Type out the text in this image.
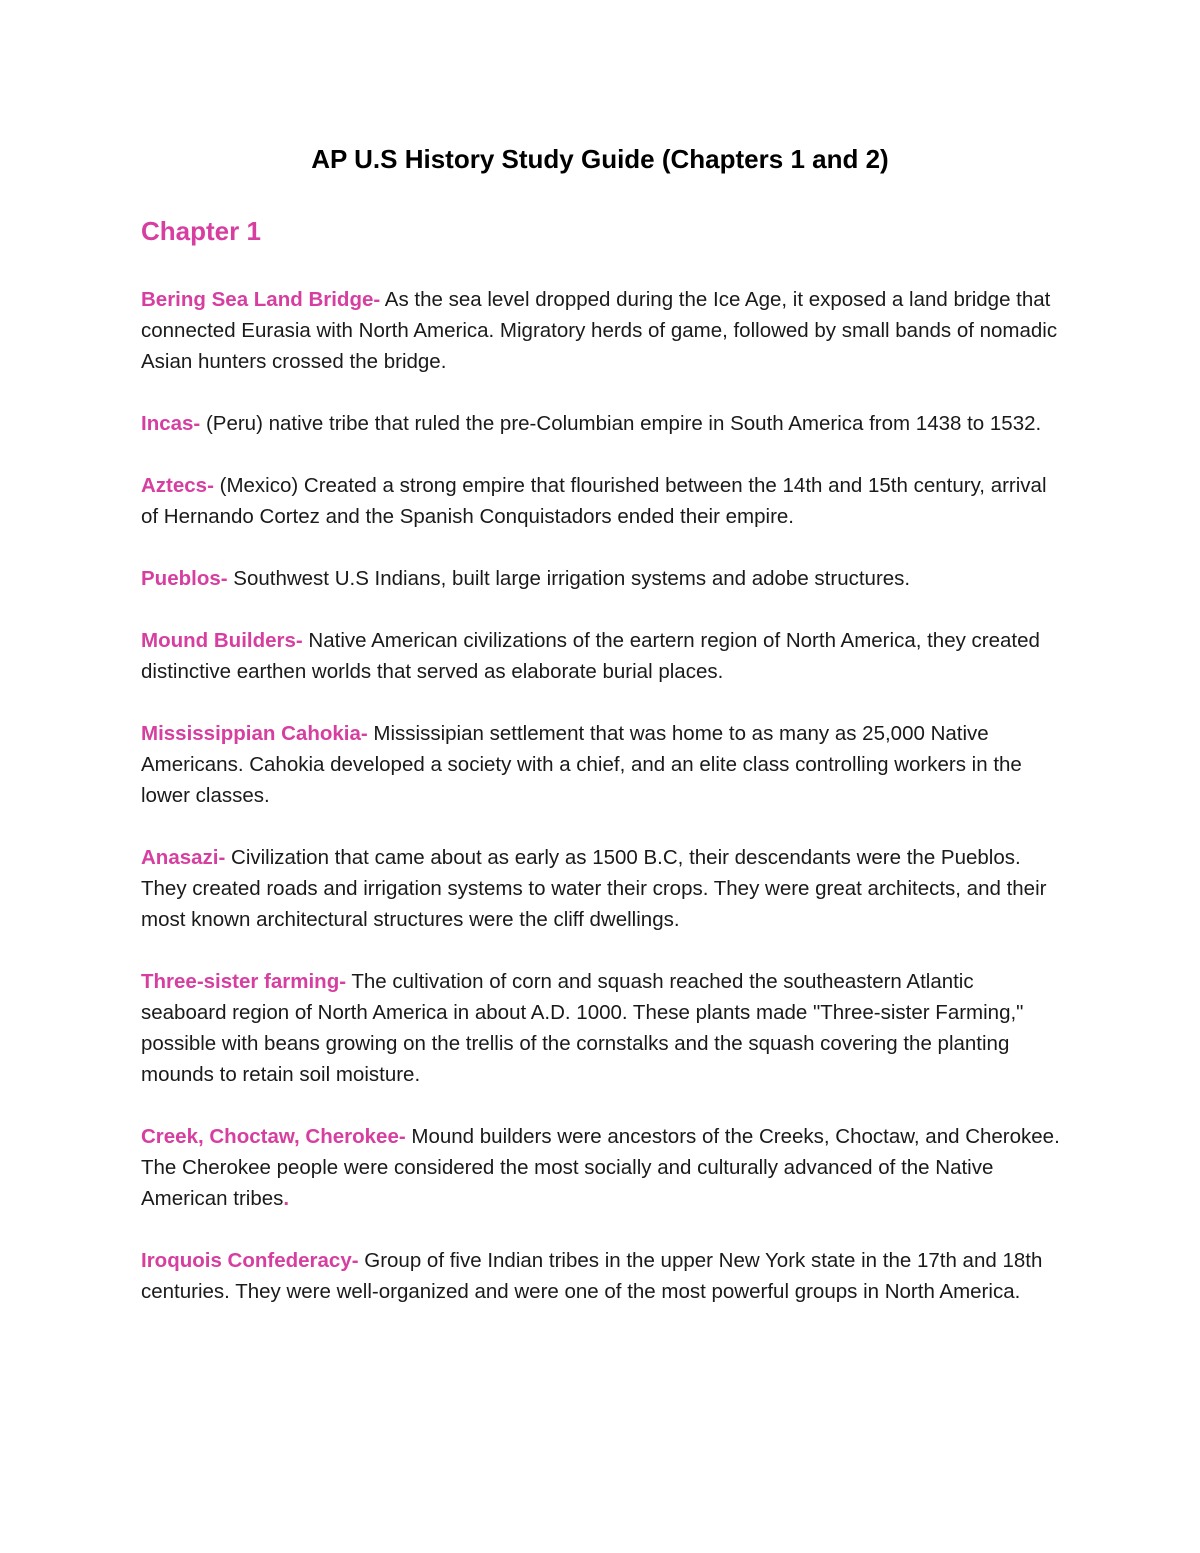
AP U.S History Study Guide (Chapters 1 and 2)
Chapter 1

Bering Sea Land Bridge- As the sea level dropped during the Ice Age, it exposed a land bridge that connected Eurasia with North America. Migratory herds of game, followed by small bands of nomadic Asian hunters crossed the bridge.

Incas- (Peru) native tribe that ruled the pre-Columbian empire in South America from 1438 to 1532.

Aztecs- (Mexico) Created a strong empire that flourished between the 14th and 15th century, arrival of Hernando Cortez and the Spanish Conquistadors ended their empire.

Pueblos- Southwest U.S Indians, built large irrigation systems and adobe structures.

Mound Builders- Native American civilizations of the eartern region of North America, they created distinctive earthen worlds that served as elaborate burial places.

Mississippian Cahokia- Mississipian settlement that was home to as many as 25,000 Native Americans. Cahokia developed a society with a chief, and an elite class controlling workers in the lower classes.

Anasazi- Civilization that came about as early as 1500 B.C, their descendants were the Pueblos. They created roads and irrigation systems to water their crops. They were great architects, and their most known architectural structures were the cliff dwellings.

Three-sister farming- The cultivation of corn and squash reached the southeastern Atlantic seaboard region of North America in about A.D. 1000. These plants made "Three-sister Farming," possible with beans growing on the trellis of the cornstalks and the squash covering the planting mounds to retain soil moisture.

Creek, Choctaw, Cherokee- Mound builders were ancestors of the Creeks, Choctaw, and Cherokee. The Cherokee people were considered the most socially and culturally advanced of the Native American tribes.

Iroquois Confederacy- Group of five Indian tribes in the upper New York state in the 17th and 18th centuries. They were well-organized and were one of the most powerful groups in North America.
